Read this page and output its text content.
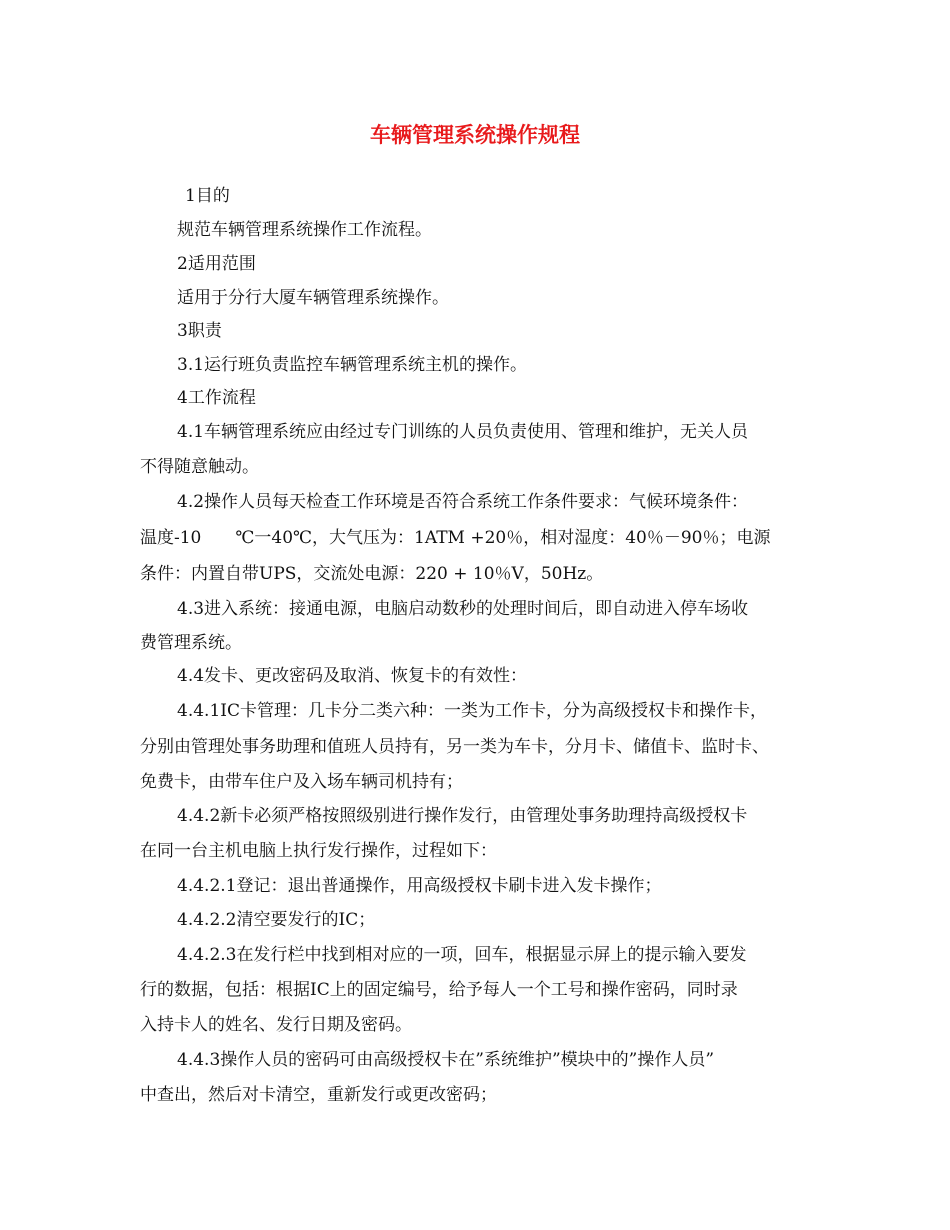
车辆管理系统操作规程
1目的
规范车辆管理系统操作工作流程。
2适用范围
适用于分行大厦车辆管理系统操作。
3职责
3.1运行班负责监控车辆管理系统主机的操作。
4工作流程
4.1车辆管理系统应由经过专门训练的人员负责使用、管理和维护，无关人员
不得随意触动。
4.2操作人员每天检查工作环境是否符合系统工作条件要求：气候环境条件：
温度-10　　℃一40℃，大气压为：1ATM +20％，相对湿度：40％－90％；电源
条件：内置自带UPS，交流处电源：220 + 10％V，50Hz。
4.3进入系统：接通电源，电脑启动数秒的处理时间后，即自动进入停车场收
费管理系统。
4.4发卡、更改密码及取消、恢复卡的有效性：
4.4.1IC卡管理：几卡分二类六种：一类为工作卡，分为高级授权卡和操作卡，
分别由管理处事务助理和值班人员持有，另一类为车卡，分月卡、储值卡、监时卡、
免费卡，由带车住户及入场车辆司机持有；
4.4.2新卡必须严格按照级别进行操作发行，由管理处事务助理持高级授权卡
在同一台主机电脑上执行发行操作，过程如下：
4.4.2.1登记：退出普通操作，用高级授权卡刷卡进入发卡操作；
4.4.2.2清空要发行的IC；
4.4.2.3在发行栏中找到相对应的一项，回车，根据显示屏上的提示输入要发
行的数据，包括：根据IC上的固定编号，给予每人一个工号和操作密码，同时录
入持卡人的姓名、发行日期及密码。
4.4.3操作人员的密码可由高级授权卡在”系统维护”模块中的”操作人员”
中查出，然后对卡清空，重新发行或更改密码；
